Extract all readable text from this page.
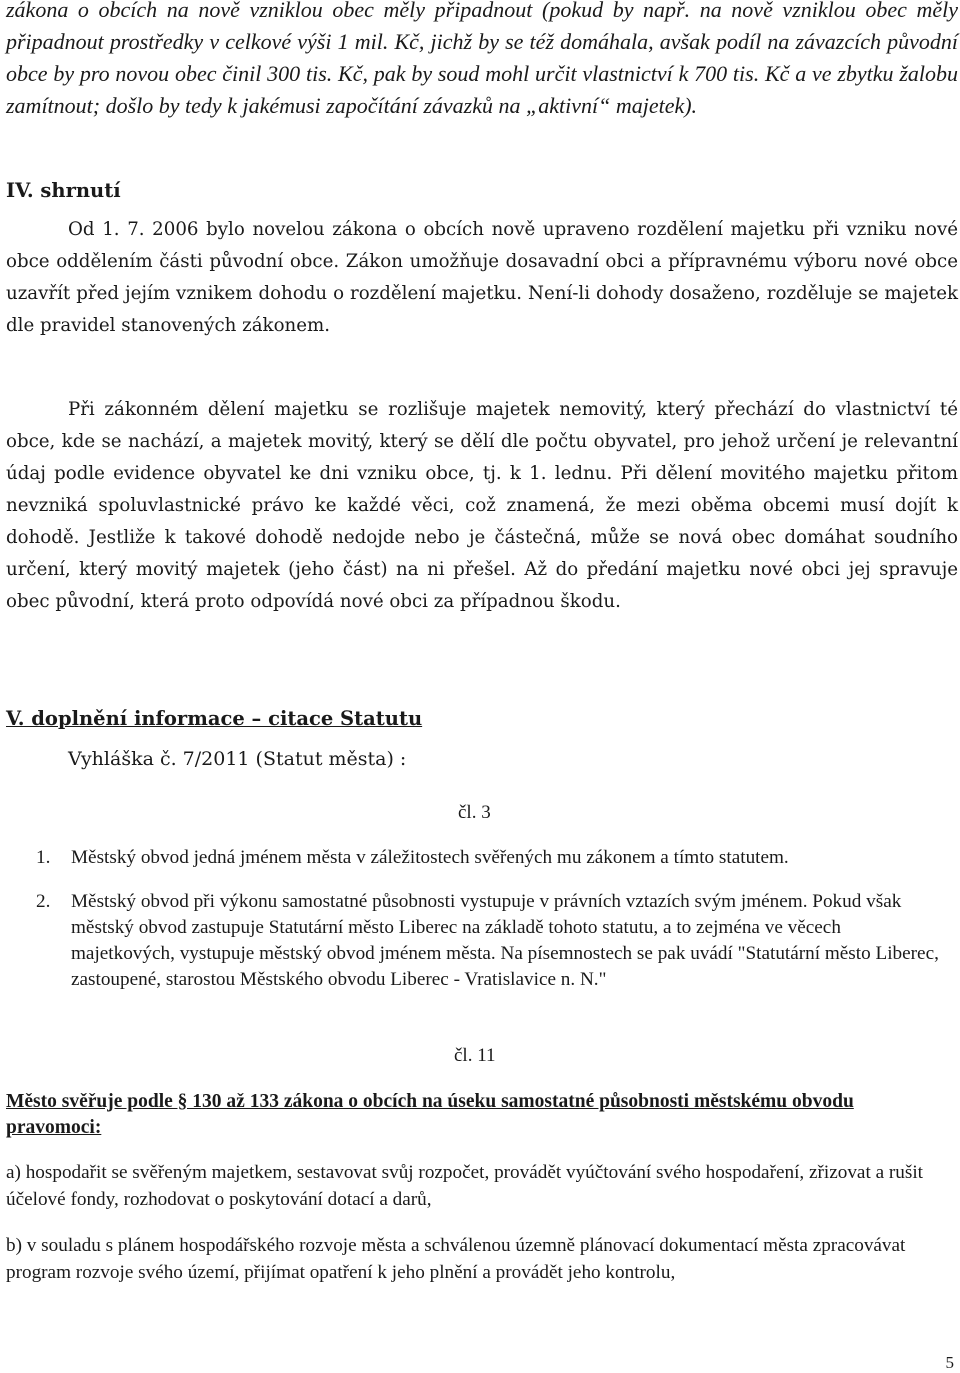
zákona o obcích na nově vzniklou obec měly připadnout (pokud by např. na nově vzniklou obec měly připadnout prostředky v celkové výši 1 mil. Kč, jichž by se též domáhala, avšak podíl na závazcích původní obce by pro novou obec činil 300 tis. Kč, pak by soud mohl určit vlastnictví k 700 tis. Kč a ve zbytku žalobu zamítnout; došlo by tedy k jakémusi započítání závazků na „aktivní“ majetek).
IV. shrnutí
Od 1. 7. 2006 bylo novelou zákona o obcích nově upraveno rozdělení majetku při vzniku nové obce oddělením části původní obce. Zákon umožňuje dosavadní obci a přípravnému výboru nové obce uzavřít před jejím vznikem dohodu o rozdělení majetku. Není-li dohody dosaženo, rozděluje se majetek dle pravidel stanovených zákonem.
Při zákonném dělení majetku se rozlišuje majetek nemovitý, který přechází do vlastnictví té obce, kde se nachází, a majetek movitý, který se dělí dle počtu obyvatel, pro jehož určení je relevantní údaj podle evidence obyvatel ke dni vzniku obce, tj. k 1. lednu. Při dělení movitého majetku přitom nevzniká spoluvlastnické právo ke každé věci, což znamená, že mezi oběma obcemi musí dojít k dohodě. Jestliže k takové dohodě nedojde nebo je částečná, může se nová obec domáhat soudního určení, který movitý majetek (jeho část) na ni přešel. Až do předání majetku nové obci jej spravuje obec původní, která proto odpovídá nové obci za případnou škodu.
V. doplnění informace – citace Statutu
Vyhláška č. 7/2011 (Statut města) :
čl. 3
1. Městský obvod jedná jménem města v záležitostech svěřených mu zákonem a tímto statutem.
2. Městský obvod při výkonu samostatné působnosti vystupuje v právních vztazích svým jménem. Pokud však městský obvod zastupuje Statutární město Liberec na základě tohoto statutu, a to zejména ve věcech majetkových, vystupuje městský obvod jménem města. Na písemnostech se pak uvádí "Statutární město Liberec, zastoupené, starostou Městského obvodu Liberec - Vratislavice n. N."
čl. 11
Město svěřuje podle § 130 až 133 zákona o obcích na úseku samostatné působnosti městskému obvodu pravomoci:
a) hospodařit se svěřeným majetkem, sestavovat svůj rozpočet, provádět vyúčtování svého hospodaření, zřizovat a rušit účelové fondy, rozhodovat o poskytování dotací a darů,
b) v souladu s plánem hospodářského rozvoje města a schválenou územně plánovací dokumentací města zpracovávat program rozvoje svého území, přijímat opatření k jeho plnění a provádět jeho kontrolu,
5
